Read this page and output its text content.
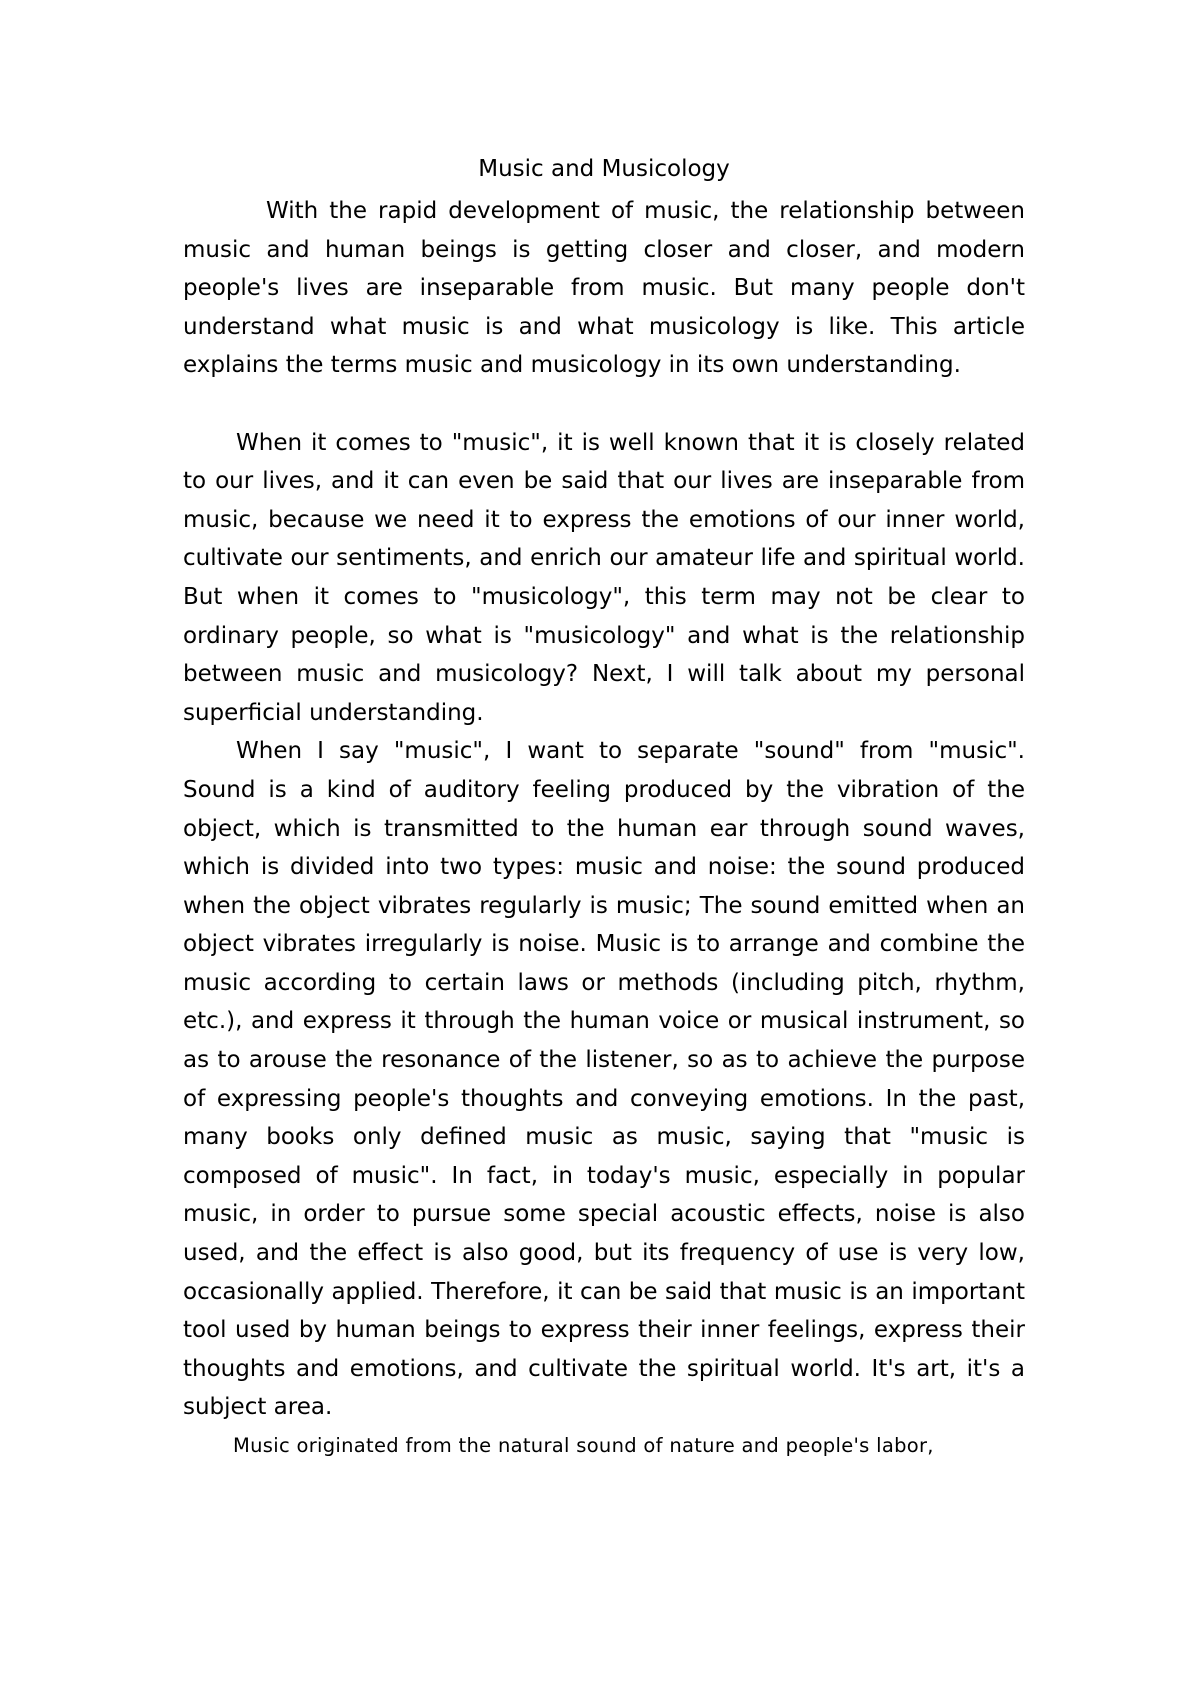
Music and Musicology

With the rapid development of music, the relationship between music and human beings is getting closer and closer, and modern people's lives are inseparable from music. But many people don't understand what music is and what musicology is like. This article explains the terms music and musicology in its own understanding.

When it comes to "music", it is well known that it is closely related to our lives, and it can even be said that our lives are inseparable from music, because we need it to express the emotions of our inner world, cultivate our sentiments, and enrich our amateur life and spiritual world. But when it comes to "musicology", this term may not be clear to ordinary people, so what is "musicology" and what is the relationship between music and musicology? Next, I will talk about my personal superficial understanding.

When I say "music", I want to separate "sound" from "music". Sound is a kind of auditory feeling produced by the vibration of the object, which is transmitted to the human ear through sound waves, which is divided into two types: music and noise: the sound produced when the object vibrates regularly is music; The sound emitted when an object vibrates irregularly is noise. Music is to arrange and combine the music according to certain laws or methods (including pitch, rhythm, etc.), and express it through the human voice or musical instrument, so as to arouse the resonance of the listener, so as to achieve the purpose of expressing people's thoughts and conveying emotions. In the past, many books only defined music as music, saying that "music is composed of music". In fact, in today's music, especially in popular music, in order to pursue some special acoustic effects, noise is also used, and the effect is also good, but its frequency of use is very low, occasionally applied. Therefore, it can be said that music is an important tool used by human beings to express their inner feelings, express their thoughts and emotions, and cultivate the spiritual world. It's art, it's a subject area.

Music originated from the natural sound of nature and people's labor,
